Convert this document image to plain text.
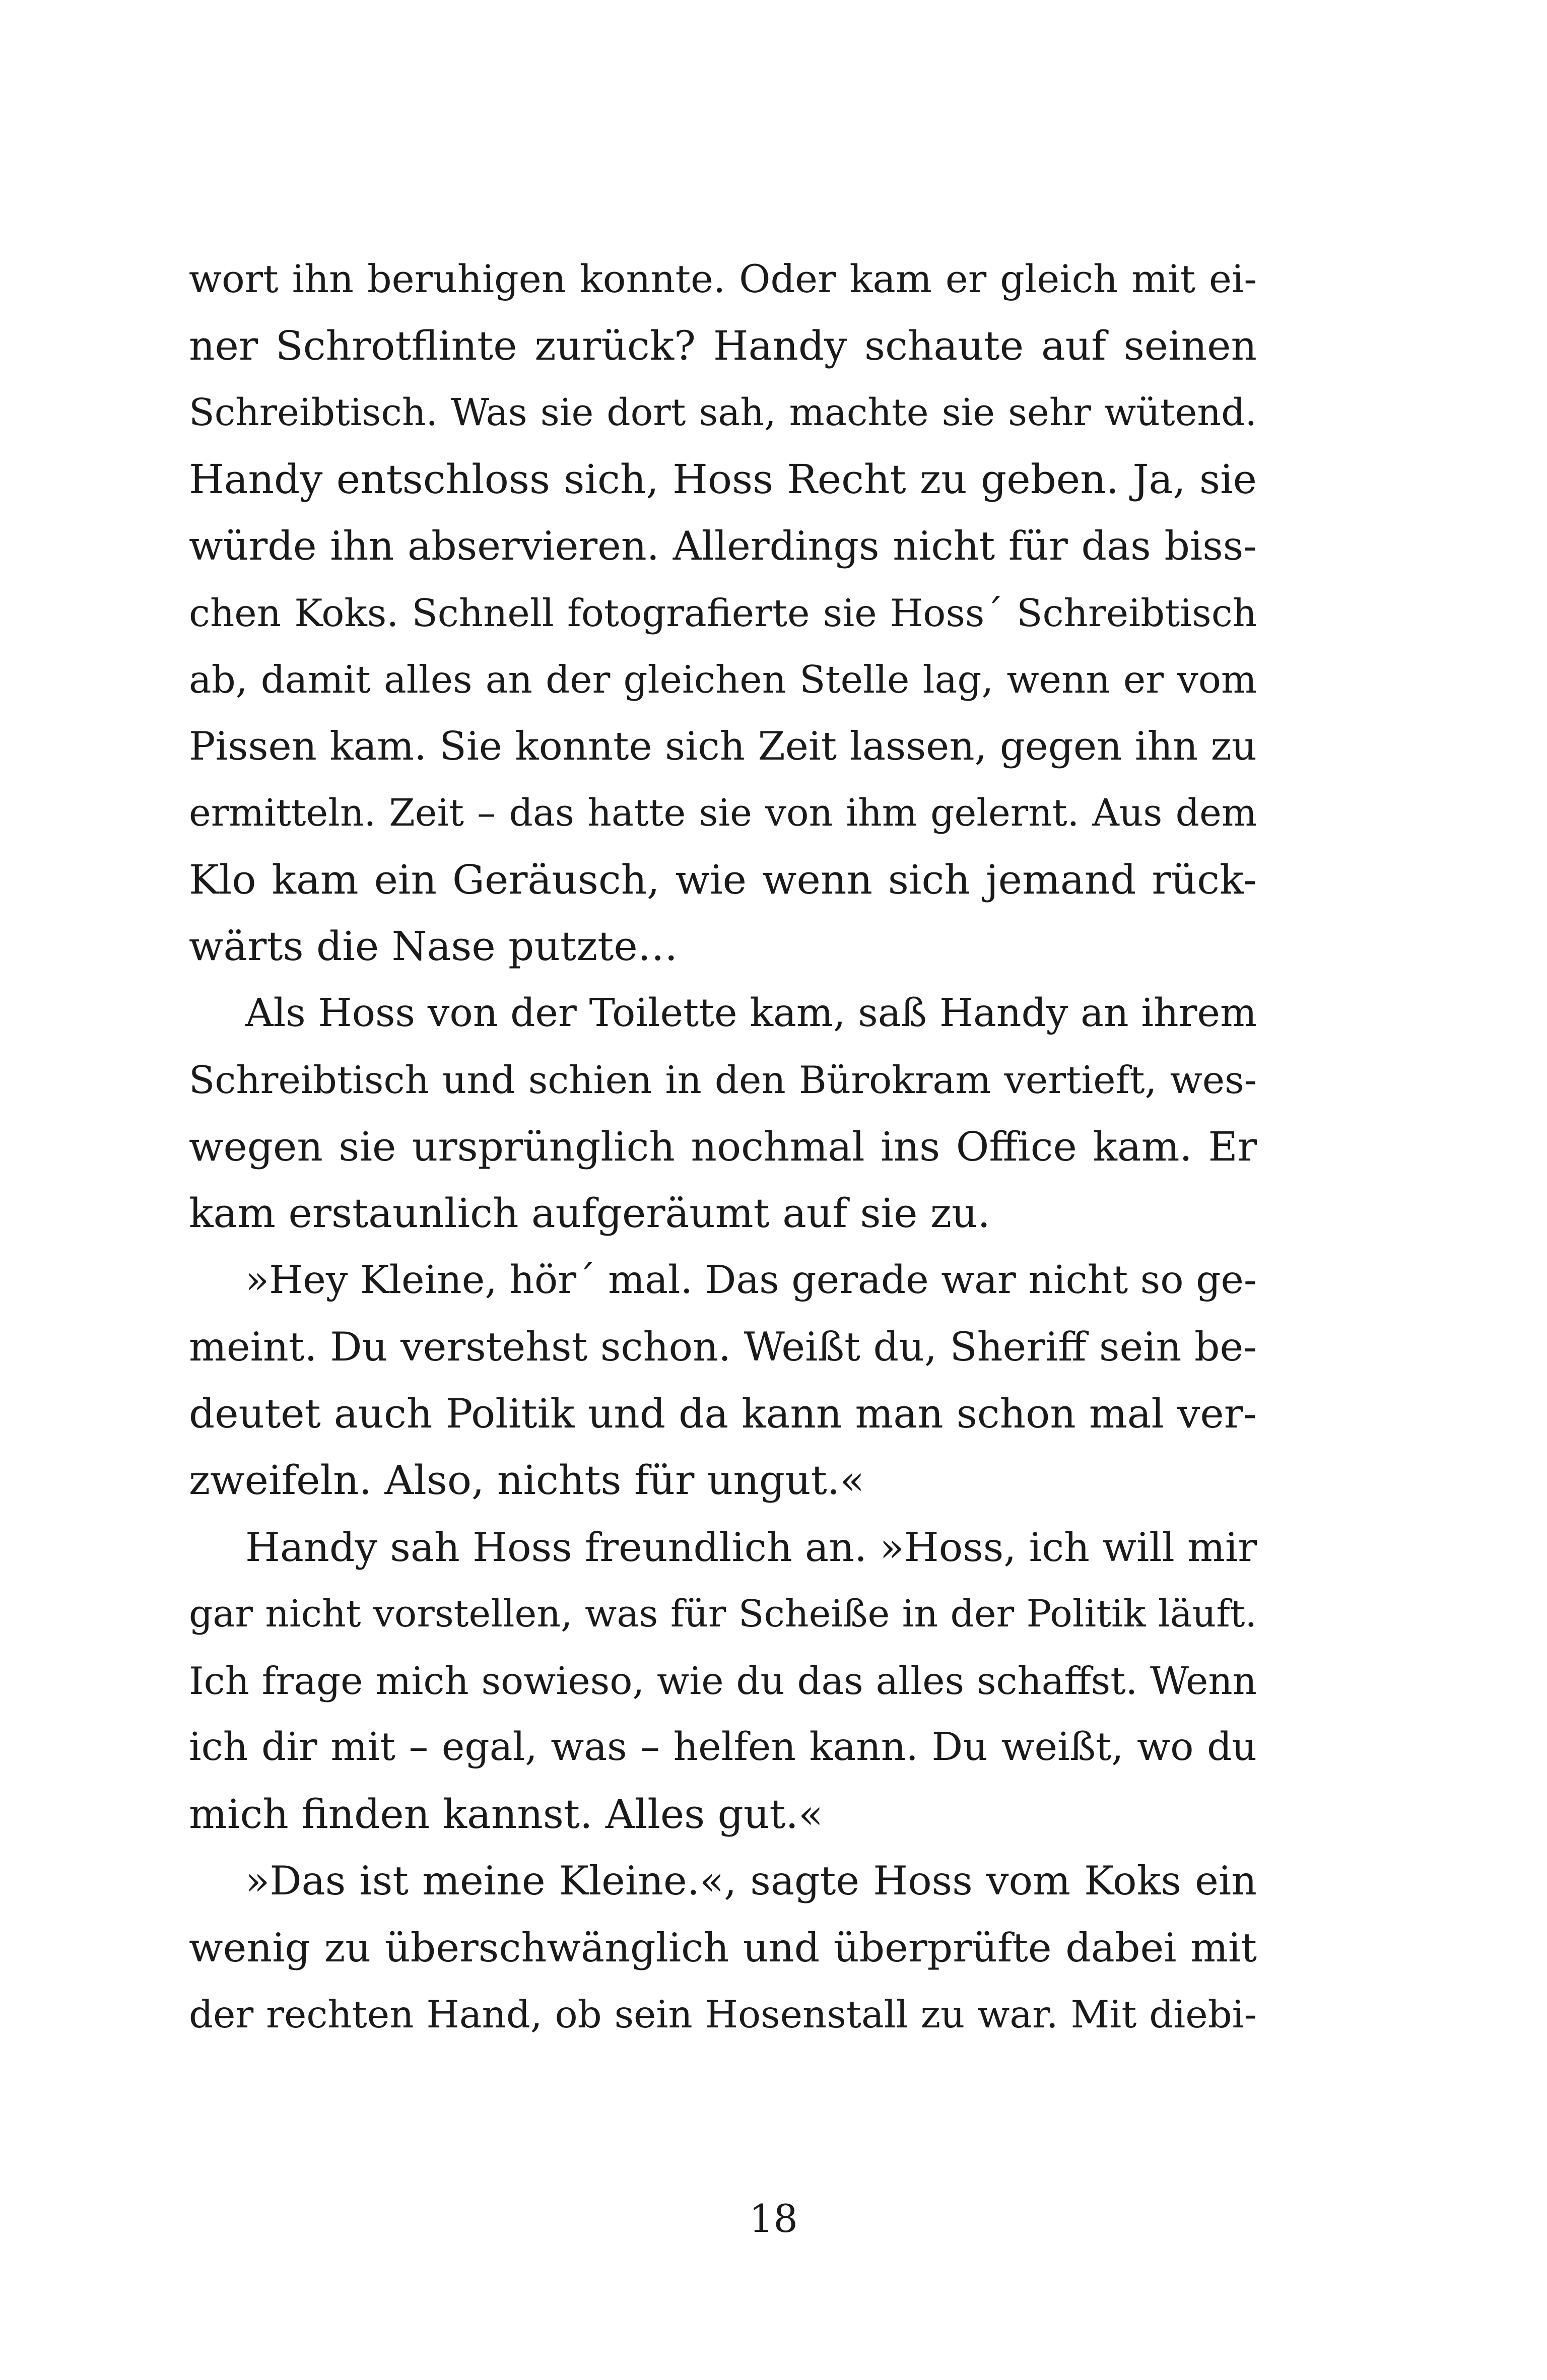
wort ihn beruhigen konnte. Oder kam er gleich mit ei-
ner Schrotflinte zurück? Handy schaute auf seinen
Schreibtisch. Was sie dort sah, machte sie sehr wütend.
Handy entschloss sich, Hoss Recht zu geben. Ja, sie
würde ihn abservieren. Allerdings nicht für das biss-
chen Koks. Schnell fotografierte sie Hoss´ Schreibtisch
ab, damit alles an der gleichen Stelle lag, wenn er vom
Pissen kam. Sie konnte sich Zeit lassen, gegen ihn zu
ermitteln. Zeit – das hatte sie von ihm gelernt. Aus dem
Klo kam ein Geräusch, wie wenn sich jemand rück-
wärts die Nase putzte…
Als Hoss von der Toilette kam, saß Handy an ihrem
Schreibtisch und schien in den Bürokram vertieft, wes-
wegen sie ursprünglich nochmal ins Office kam. Er
kam erstaunlich aufgeräumt auf sie zu.
»Hey Kleine, hör´ mal. Das gerade war nicht so ge-
meint. Du verstehst schon. Weißt du, Sheriff sein be-
deutet auch Politik und da kann man schon mal ver-
zweifeln. Also, nichts für ungut.«
Handy sah Hoss freundlich an. »Hoss, ich will mir
gar nicht vorstellen, was für Scheiße in der Politik läuft.
Ich frage mich sowieso, wie du das alles schaffst. Wenn
ich dir mit – egal, was – helfen kann. Du weißt, wo du
mich finden kannst. Alles gut.«
»Das ist meine Kleine.«, sagte Hoss vom Koks ein
wenig zu überschwänglich und überprüfte dabei mit
der rechten Hand, ob sein Hosenstall zu war. Mit diebi-
18
